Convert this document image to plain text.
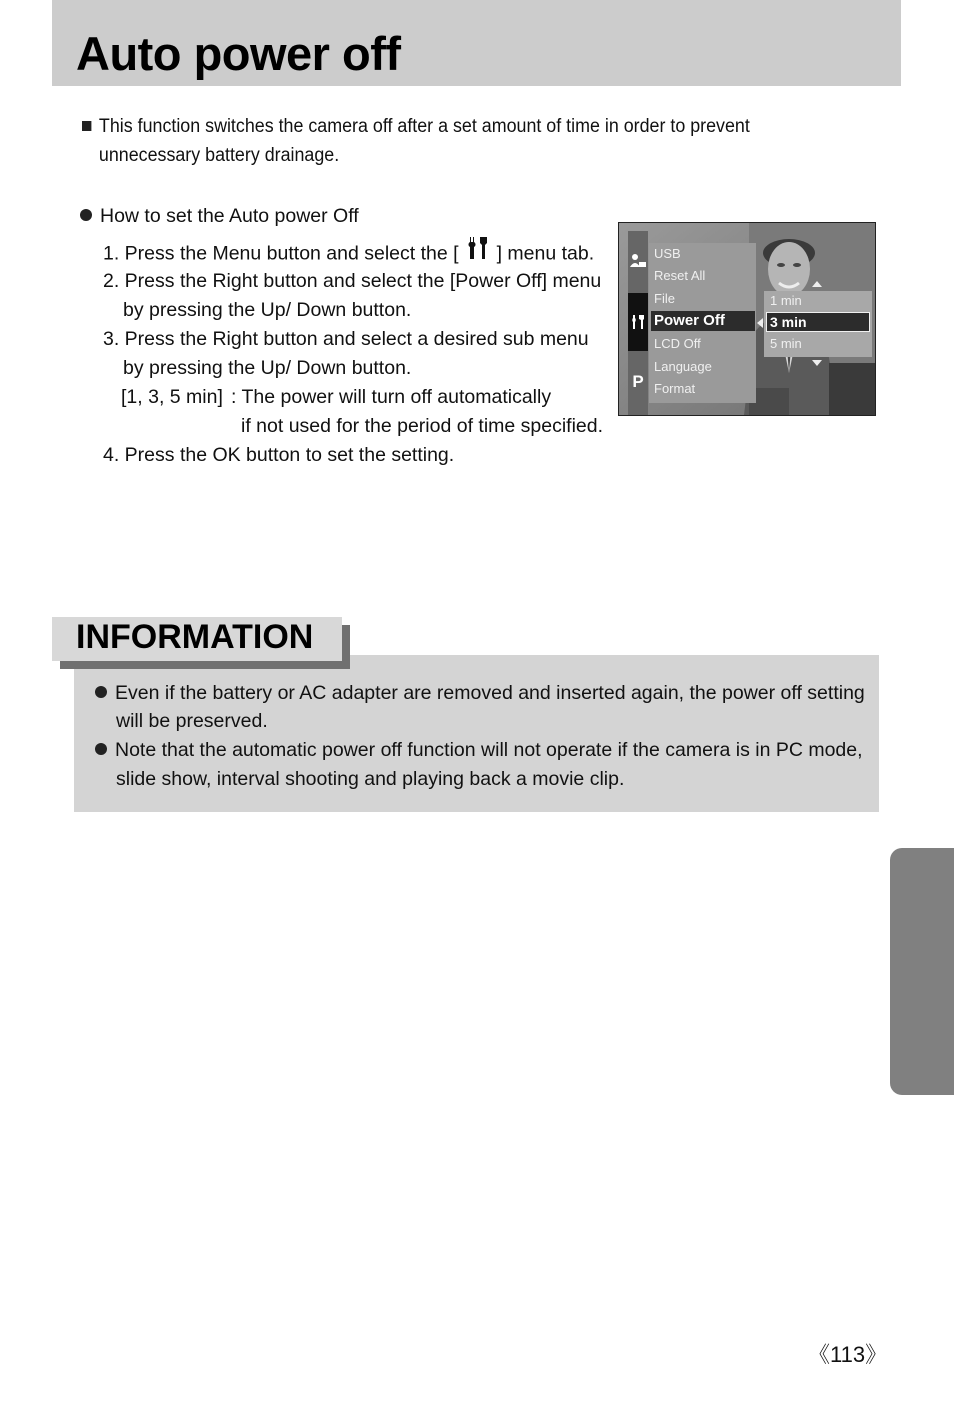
Auto power off
This function switches the camera off after a set amount of time in order to prevent unnecessary battery drainage.
How to set the Auto power Off
1. Press the Menu button and select the [ ] menu tab.
2. Press the Right button and select the [Power Off] menu
by pressing the Up/ Down button.
3. Press the Right button and select a desired sub menu
by pressing the Up/ Down button.
[1, 3, 5 min] : The power will turn off automatically
if not used for the period of time specified.
4. Press the OK button to set the setting.
P
USB
Reset All
File
Power Off
LCD Off
Language
Format
1 min
3 min
5 min
INFORMATION
Even if the battery or AC adapter are removed and inserted again, the power off setting
will be preserved.
Note that the automatic power off function will not operate if the camera is in PC mode,
slide show, interval shooting and playing back a movie clip.
《113》
